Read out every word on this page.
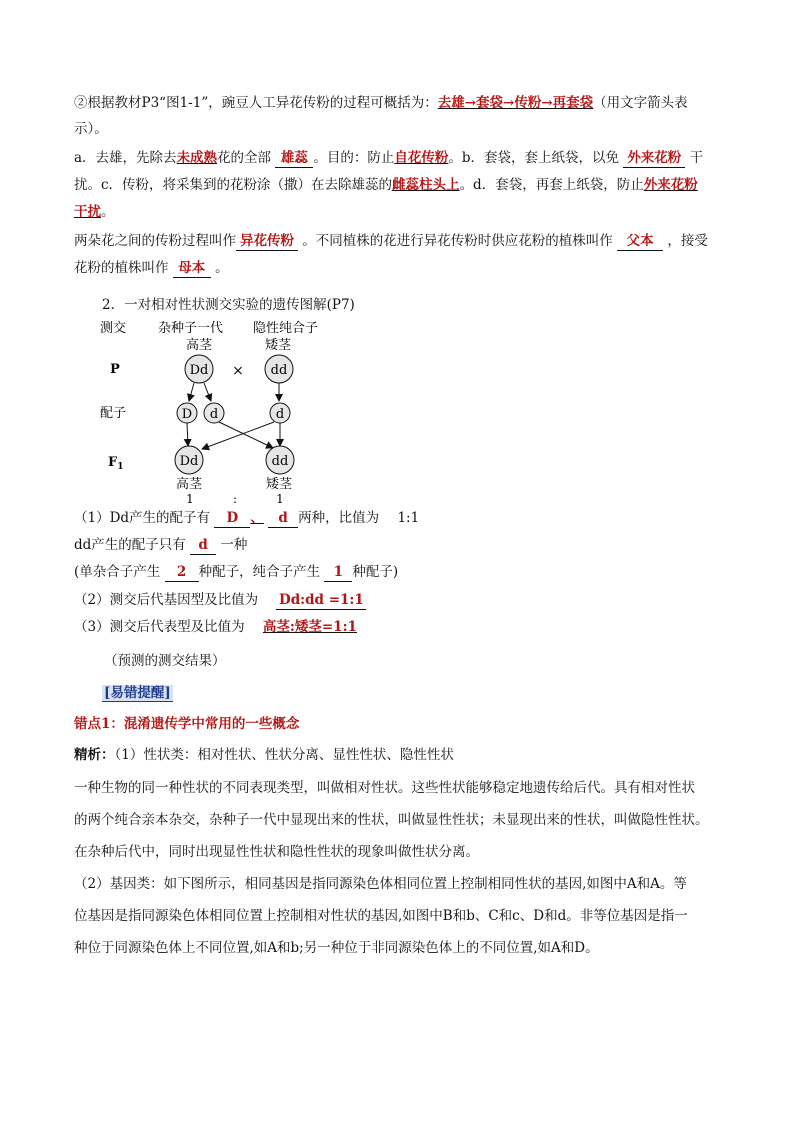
②根据教材P3“图1-1”，豌豆人工异花传粉的过程可概括为：去雄→套袋→传粉→再套袋（用文字箭头表
示）。
a．去雄，先除去未成熟花的全部 雄蕊 。目的：防止自花传粉。b．套袋，套上纸袋，以免 外来花粉 干
扰。c．传粉，将采集到的花粉涂（撒）在去除雄蕊的雌蕊柱头上。d．套袋，再套上纸袋，防止外来花粉
干扰。
两朵花之间的传粉过程叫作 异花传粉 。不同植株的花进行异花传粉时供应花粉的植株叫作 父本 ，接受
花粉的植株叫作 母本 。
2．一对相对性状测交实验的遗传图解(P7)
测交
P
配子
$F_1$
杂种子一代
高茎
隐性纯合子
矮茎
Dd × dd
D d	d
Dd	dd
高茎	矮茎
1	:	1
（1）Dd产生的配子有 D 、 d 两种，比值为 1:1
dd产生的配子只有 d 一种
(单杂合子产生 2 种配子，纯合子产生 1 种配子)
（2）测交后代基因型及比值为 Dd:dd =1:1
（3）测交后代表型及比值为 高茎:矮茎=1:1
（预测的测交结果）
[易错提醒]
错点1：混淆遗传学中常用的一些概念
精析：（1）性状类：相对性状、性状分离、显性性状、隐性性状
一种生物的同一种性状的不同表现类型，叫做相对性状。这些性状能够稳定地遗传给后代。具有相对性状
的两个纯合亲本杂交，杂种子一代中显现出来的性状，叫做显性性状；未显现出来的性状，叫做隐性性状。
在杂种后代中，同时出现显性性状和隐性性状的现象叫做性状分离。
（2）基因类：如下图所示，相同基因是指同源染色体相同位置上控制相同性状的基因,如图中A和A。等
位基因是指同源染色体相同位置上控制相对性状的基因,如图中B和b、C和c、D和d。非等位基因是指一
种位于同源染色体上不同位置,如A和b;另一种位于非同源染色体上的不同位置,如A和D。
